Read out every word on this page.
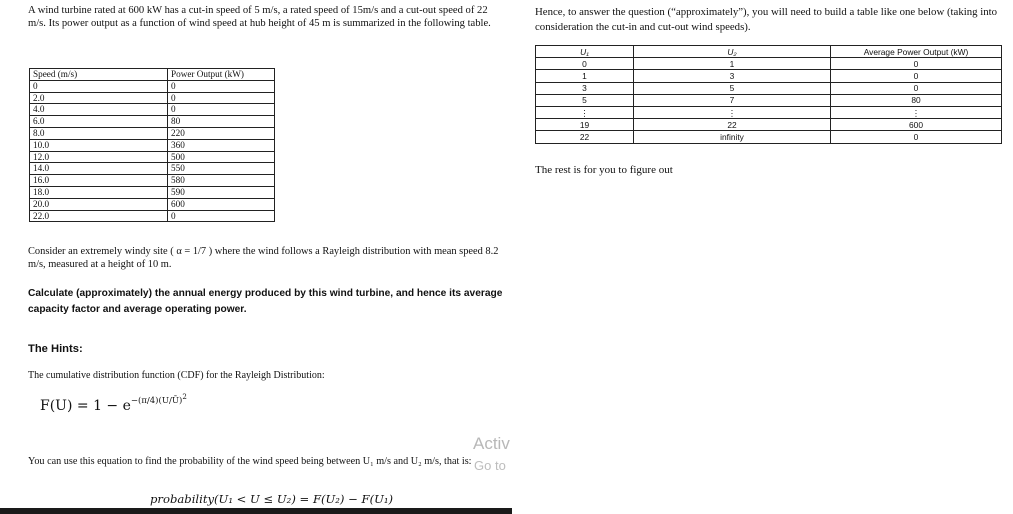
A wind turbine rated at 600 kW has a cut-in speed of 5 m/s, a rated speed of 15m/s and a cut-out speed of 22 m/s. Its power output as a function of wind speed at hub height of 45 m is summarized in the following table.
Speed (m/s)	Power Output (kW)
0	0
2.0	0
4.0	0
6.0	80
8.0	220
10.0	360
12.0	500
14.0	550
16.0	580
18.0	590
20.0	600
22.0	0
Consider an extremely windy site ( α = 1/7 ) where the wind follows a Rayleigh distribution with mean speed 8.2 m/s, measured at a height of 10 m.
Calculate (approximately) the annual energy produced by this wind turbine, and hence its average capacity factor and average operating power.
The Hints:
The cumulative distribution function (CDF) for the Rayleigh Distribution:
$F(U) = 1 - e^{-(\pi/4)(U/Ū)^2}$
Activ
Go to
You can use this equation to find the probability of the wind speed being between U₁ m/s and U₂ m/s, that is:
probability(U₁ < U ≤ U₂) = F(U₂) − F(U₁)
Hence, to answer the question (“approximately”), you will need to build a table like one below (taking into consideration the cut-in and cut-out wind speeds).
U₁	U₂	Average Power Output (kW)
0	1	0
1	3	0
3	5	0
5	7	80
⋮	⋮	⋮
19	22	600
22	infinity	0
The rest is for you to figure out
